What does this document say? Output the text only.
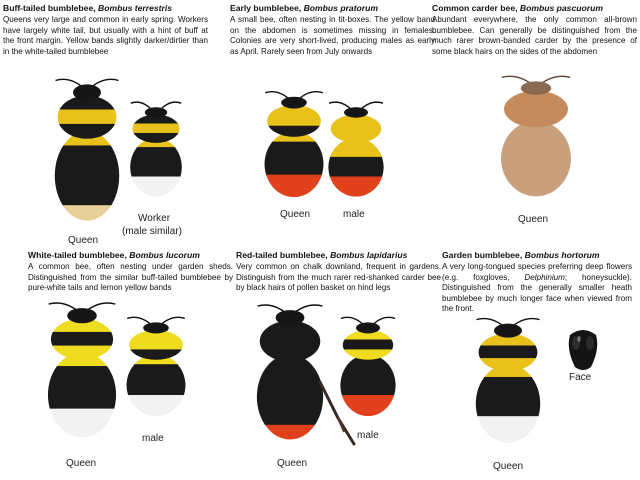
Buff-tailed bumblebee, Bombus terrestris
Queens very large and common in early spring. Workers have largely white tail, but usually with a hint of buff at the front margin. Yellow bands slightly darker/dirtier than in the white-tailed bumblebee
Early bumblebee, Bombus pratorum
A small bee, often nesting in tit-boxes. The yellow band on the abdomen is sometimes missing in females. Colonies are very short-lived, producing males as early as April. Rarely seen from July onwards
Common carder bee, Bombus pascuorum
Abundant everywhere, the only common all-brown bumblebee. Can generally be distinguished from the much rarer brown-banded carder by the presence of some black hairs on the sides of the abdomen
White-tailed bumblebee, Bombus lucorum
A common bee, often nesting under garden sheds. Distinguished from the similar buff-tailed bumblebee by pure-white tails and lemon yellow bands
Red-tailed bumblebee, Bombus lapidarius
Very common on chalk downland, frequent in gardens. Distinguish from the much rarer red-shanked carder bee by black hairs of pollen basket on hind legs
Garden bumblebee, Bombus hortorum
A very long-tongued species preferring deep flowers (e.g. foxgloves, Delphinium; honeysuckle). Distinguished from the generally smaller heath bumblebee by much longer face when viewed from the front.
Queen
Worker
(male similar)
Queen	male	Queen
Queen
male
Queen
male
Queen
Face
